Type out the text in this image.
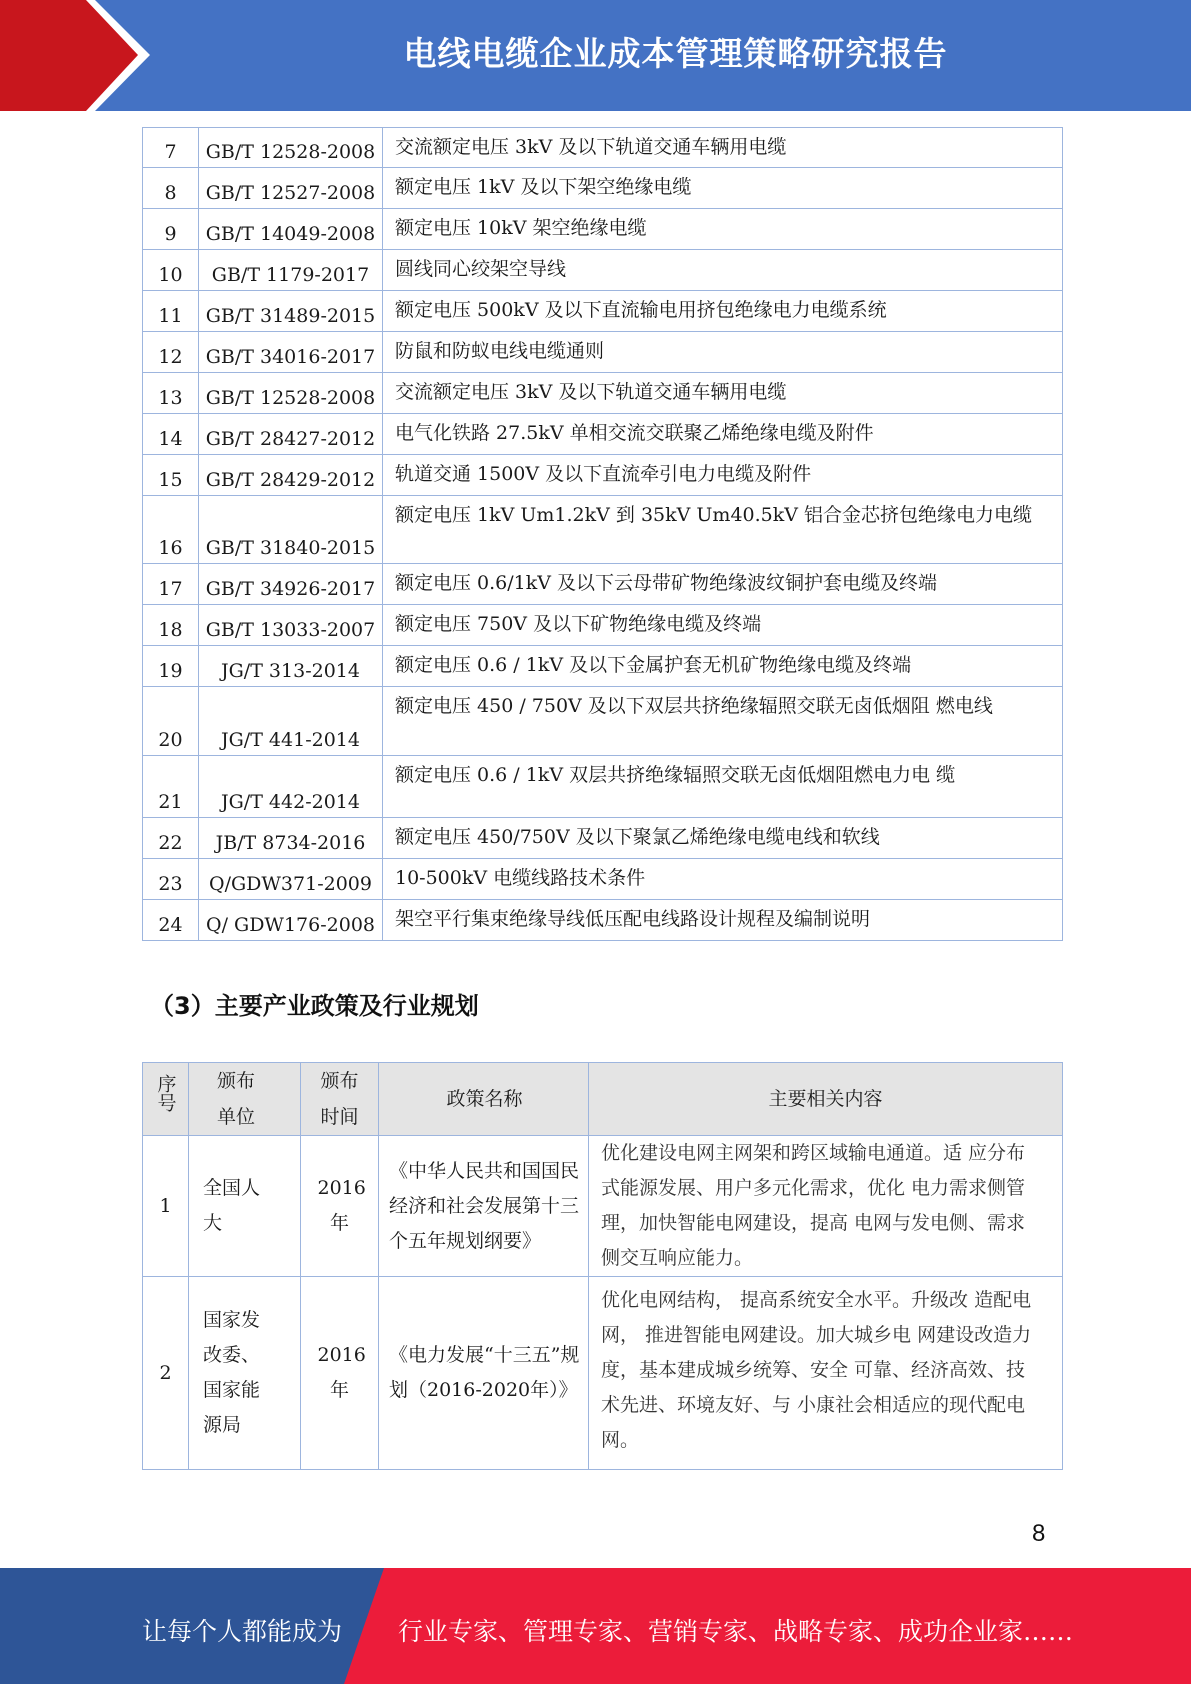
电线电缆企业成本管理策略研究报告
7	GB/T 12528-2008	交流额定电压 3kV 及以下轨道交通车辆用电缆
8	GB/T 12527-2008	额定电压 1kV 及以下架空绝缘电缆
9	GB/T 14049-2008	额定电压 10kV 架空绝缘电缆
10	GB/T 1179-2017	圆线同心绞架空导线
11	GB/T 31489-2015	额定电压 500kV 及以下直流输电用挤包绝缘电力电缆系统
12	GB/T 34016-2017	防鼠和防蚁电线电缆通则
13	GB/T 12528-2008	交流额定电压 3kV 及以下轨道交通车辆用电缆
14	GB/T 28427-2012	电气化铁路 27.5kV 单相交流交联聚乙烯绝缘电缆及附件
15	GB/T 28429-2012	轨道交通 1500V 及以下直流牵引电力电缆及附件
16	GB/T 31840-2015	额定电压 1kV Um1.2kV 到 35kV Um40.5kV 铝合金芯挤包绝缘电力电缆
17	GB/T 34926-2017	额定电压 0.6/1kV 及以下云母带矿物绝缘波纹铜护套电缆及终端
18	GB/T 13033-2007	额定电压 750V 及以下矿物绝缘电缆及终端
19	JG/T 313-2014	额定电压 0.6 / 1kV 及以下金属护套无机矿物绝缘电缆及终端
20	JG/T 441-2014	额定电压 450 / 750V 及以下双层共挤绝缘辐照交联无卤低烟阻 燃电线
21	JG/T 442-2014	额定电压 0.6 / 1kV 双层共挤绝缘辐照交联无卤低烟阻燃电力电 缆
22	JB/T 8734-2016	额定电压 450/750V 及以下聚氯乙烯绝缘电缆电线和软线
23	Q/GDW371-2009	10-500kV 电缆线路技术条件
24	Q/ GDW176-2008	架空平行集束绝缘导线低压配电线路设计规程及编制说明
（3）主要产业政策及行业规划
序号	颁布单位	颁布时间	政策名称	主要相关内容
1	全国人大	2016年	《中华人民共和国国民经济和社会发展第十三个五年规划纲要》	优化建设电网主网架和跨区域输电通道。适 应分布式能源发展、用户多元化需求，优化 电力需求侧管理，加快智能电网建设，提高 电网与发电侧、需求侧交互响应能力。
2	国家发改委、国家能源局	2016年	《电力发展“十三五”规划（2016-2020年）》	优化电网结构， 提高系统安全水平。升级改 造配电网， 推进智能电网建设。加大城乡电 网建设改造力度，基本建成城乡统筹、安全 可靠、经济高效、技术先进、环境友好、与 小康社会相适应的现代配电网。
8
让每个人都能成为 行业专家、管理专家、营销专家、战略专家、成功企业家……
